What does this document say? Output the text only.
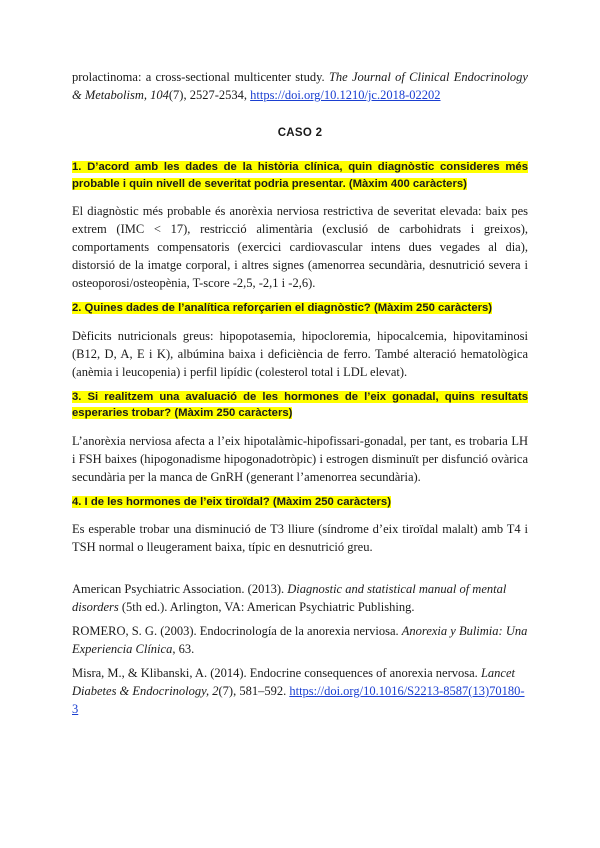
prolactinoma: a cross-sectional multicenter study. The Journal of Clinical Endocrinology & Metabolism, 104(7), 2527-2534, https://doi.org/10.1210/jc.2018-02202

CASO 2

1. D’acord amb les dades de la història clínica, quin diagnòstic consideres més probable i quin nivell de severitat podria presentar. (Màxim 400 caràcters)

El diagnòstic més probable és anorèxia nerviosa restrictiva de severitat elevada: baix pes extrem (IMC < 17), restricció alimentària (exclusió de carbohidrats i greixos), comportaments compensatoris (exercici cardiovascular intens dues vegades al dia), distorsió de la imatge corporal, i altres signes (amenorrea secundària, desnutrició severa i osteoporosi/osteopènia, T-score -2,5, -2,1 i -2,6).

2. Quines dades de l’analítica reforçarien el diagnòstic? (Màxim 250 caràcters)

Dèficits nutricionals greus: hipopotasemia, hipocloremia, hipocalcemia, hipovitaminosi (B12, D, A, E i K), albúmina baixa i deficiència de ferro. També alteració hematològica (anèmia i leucopenia) i perfil lipídic (colesterol total i LDL elevat).

3. Si realitzem una avaluació de les hormones de l’eix gonadal, quins resultats esperaries trobar? (Màxim 250 caràcters)

L’anorèxia nerviosa afecta a l’eix hipotalàmic-hipofissari-gonadal, per tant, es trobaria LH i FSH baixes (hipogonadisme hipogonadotròpic) i estrogen disminuït per disfunció ovàrica secundària per la manca de GnRH (generant l’amenorrea secundària).

4. I de les hormones de l’eix tiroïdal? (Màxim 250 caràcters)

Es esperable trobar una disminució de T3 lliure (síndrome d’eix tiroïdal malalt) amb T4 i TSH normal o lleugerament baixa, típic en desnutrició greu.

American Psychiatric Association. (2013). Diagnostic and statistical manual of mental disorders (5th ed.). Arlington, VA: American Psychiatric Publishing.

ROMERO, S. G. (2003). Endocrinología de la anorexia nerviosa. Anorexia y Bulimia: Una Experiencia Clínica, 63.

Misra, M., & Klibanski, A. (2014). Endocrine consequences of anorexia nervosa. Lancet Diabetes & Endocrinology, 2(7), 581–592. https://doi.org/10.1016/S2213-8587(13)70180-3
